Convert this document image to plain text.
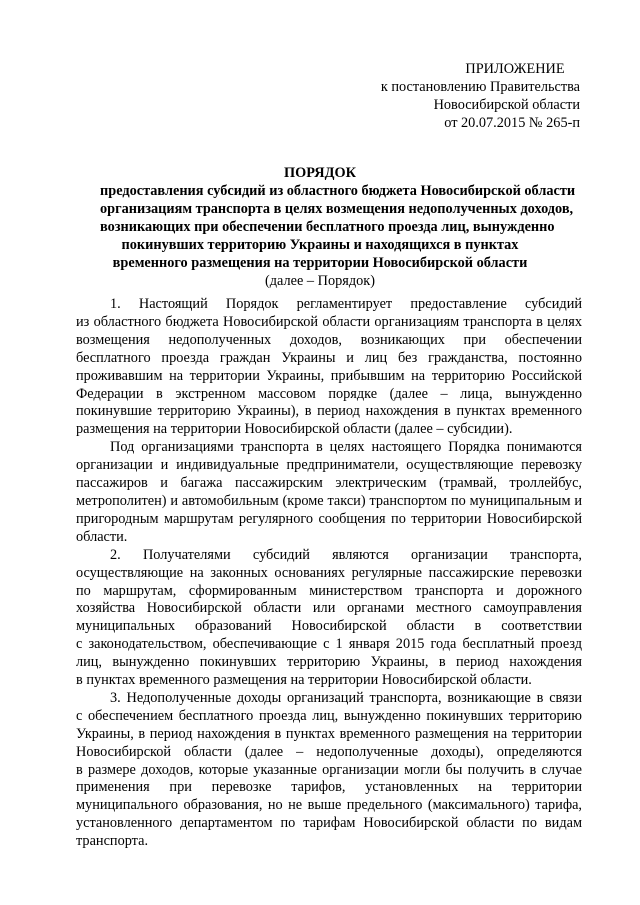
ПРИЛОЖЕНИЕ
к постановлению Правительства
Новосибирской области
от 20.07.2015 № 265-п
ПОРЯДОК
предоставления субсидий из областного бюджета Новосибирской области
организациям транспорта в целях возмещения недополученных доходов,
возникающих при обеспечении бесплатного проезда лиц, вынужденно
покинувших территорию Украины и находящихся в пунктах
временного размещения на территории Новосибирской области
(далее – Порядок)

1. Настоящий Порядок регламентирует предоставление субсидий
из областного бюджета Новосибирской области организациям транспорта в целях
возмещения недополученных доходов, возникающих при обеспечении
бесплатного проезда граждан Украины и лиц без гражданства, постоянно
проживавшим на территории Украины, прибывшим на территорию Российской
Федерации в экстренном массовом порядке (далее – лица, вынужденно
покинувшие территорию Украины), в период нахождения в пунктах временного
размещения на территории Новосибирской области (далее – субсидии).

Под организациями транспорта в целях настоящего Порядка понимаются
организации и индивидуальные предприниматели, осуществляющие перевозку
пассажиров и багажа пассажирским электрическим (трамвай, троллейбус,
метрополитен) и автомобильным (кроме такси) транспортом по муниципальным и
пригородным маршрутам регулярного сообщения по территории Новосибирской
области.

2. Получателями субсидий являются организации транспорта,
осуществляющие на законных основаниях регулярные пассажирские перевозки
по маршрутам, сформированным министерством транспорта и дорожного
хозяйства Новосибирской области или органами местного самоуправления
муниципальных образований Новосибирской области в соответствии
с законодательством, обеспечивающие с 1 января 2015 года бесплатный проезд
лиц, вынужденно покинувших территорию Украины, в период нахождения
в пунктах временного размещения на территории Новосибирской области.

3. Недополученные доходы организаций транспорта, возникающие в связи
с обеспечением бесплатного проезда лиц, вынужденно покинувших территорию
Украины, в период нахождения в пунктах временного размещения на территории
Новосибирской области (далее – недополученные доходы), определяются
в размере доходов, которые указанные организации могли бы получить в случае
применения при перевозке тарифов, установленных на территории
муниципального образования, но не выше предельного (максимального) тарифа,
установленного департаментом по тарифам Новосибирской области по видам
транспорта.
